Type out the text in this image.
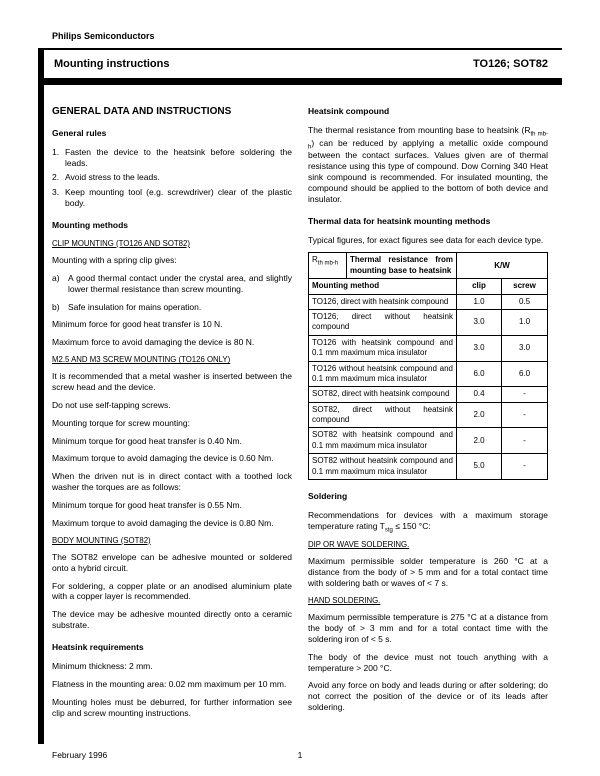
Philips Semiconductors
Mounting instructions	TO126; SOT82
GENERAL DATA AND INSTRUCTIONS
General rules
1. Fasten the device to the heatsink before soldering the leads.
2. Avoid stress to the leads.
3. Keep mounting tool (e.g. screwdriver) clear of the plastic body.
Mounting methods
CLIP MOUNTING (TO126 AND SOT82)

Mounting with a spring clip gives:

a) A good thermal contact under the crystal area, and slightly lower thermal resistance than screw mounting.
b) Safe insulation for mains operation.

Minimum force for good heat transfer is 10 N.

Maximum force to avoid damaging the device is 80 N.

M2.5 AND M3 SCREW MOUNTING (TO126 ONLY)

It is recommended that a metal washer is inserted between the screw head and the device.

Do not use self-tapping screws.

Mounting torque for screw mounting:

Minimum torque for good heat transfer is 0.40 Nm.

Maximum torque to avoid damaging the device is 0.60 Nm.

When the driven nut is in direct contact with a toothed lock washer the torques are as follows:

Minimum torque for good heat transfer is 0.55 Nm.

Maximum torque to avoid damaging the device is 0.80 Nm.

BODY MOUNTING (SOT82)

The SOT82 envelope can be adhesive mounted or soldered onto a hybrid circuit.

For soldering, a copper plate or an anodised aluminium plate with a copper layer is recommended.

The device may be adhesive mounted directly onto a ceramic substrate.

Heatsink requirements

Minimum thickness: 2 mm.

Flatness in the mounting area: 0.02 mm maximum per 10 mm.

Mounting holes must be deburred, for further information see clip and screw mounting instructions.

Heatsink compound

The thermal resistance from mounting base to heatsink $(R_{th mb-h})$ can be reduced by applying a metallic oxide compound between the contact surfaces. Values given are of thermal resistance using this type of compound. Dow Corning 340 Heat sink compound is recommended. For insulated mounting, the compound should be applied to the bottom of both device and insulator.

Thermal data for heatsink mounting methods

Typical figures, for exact figures see data for each device type.

$R_{th mb-h}$	Thermal resistance from mounting base to heatsink	K/W	
Mounting method		clip	screw
TO126, direct with heatsink compound		1.0	0.5
TO126, direct without heatsink compound		3.0	1.0
TO126 with heatsink compound and 0.1 mm maximum mica insulator		3.0	3.0
TO126 without heatsink compound and 0.1 mm maximum mica insulator		6.0	6.0
SOT82, direct with heatsink compound		0.4	-
SOT82, direct without heatsink compound		2.0	-
SOT82 with heatsink compound and 0.1 mm maximum mica insulator		2.0	-
SOT82 without heatsink compound and 0.1 mm maximum mica insulator		5.0	-
Soldering

Recommendations for devices with a maximum storage temperature rating $T_{stg} \le 150$ °C:

DIP OR WAVE SOLDERING.

Maximum permissible solder temperature is 260 °C at a distance from the body of > 5 mm and for a total contact time with soldering bath or waves of < 7 s.

HAND SOLDERING.

Maximum permissible temperature is 275 °C at a distance from the body of > 3 mm and for a total contact time with the soldering iron of < 5 s.

The body of the device must not touch anything with a temperature > 200 °C.

Avoid any force on body and leads during or after soldering; do not correct the position of the device or of its leads after soldering.

February 1996	1
